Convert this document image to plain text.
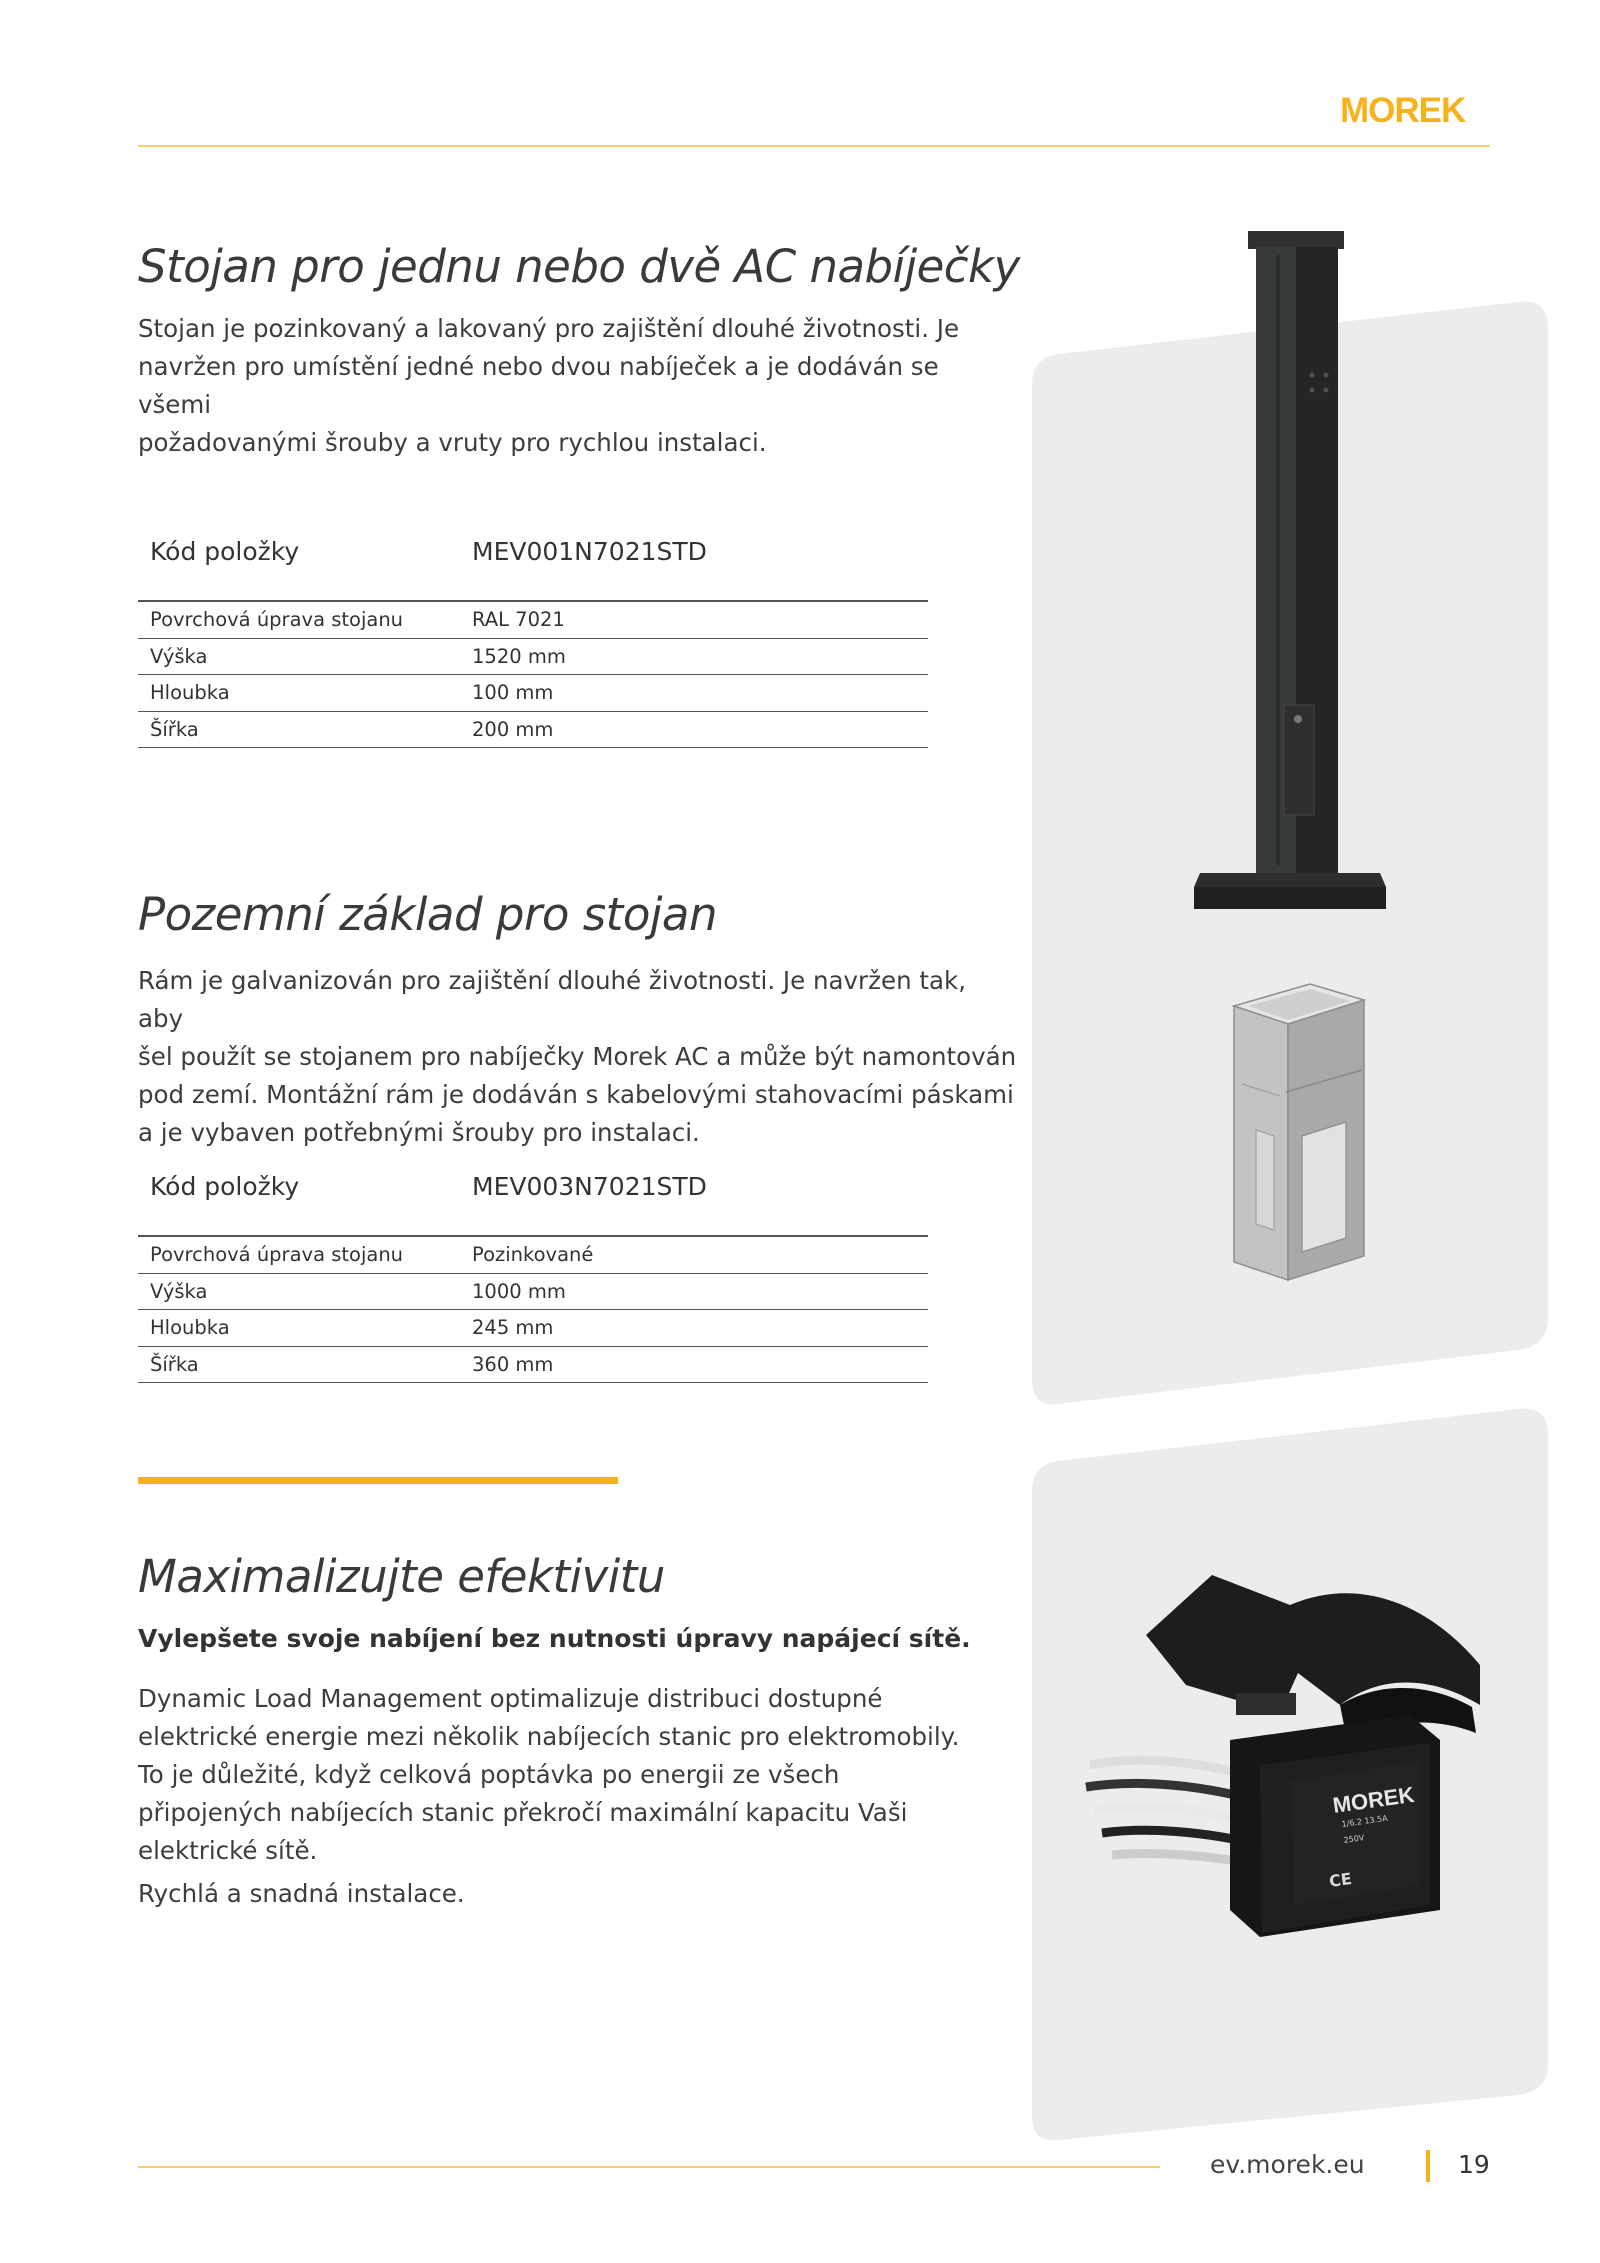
MOREK
MOREK
1/6.2 13.5A
250V
CE
Stojan pro jednu nebo dvě AC nabíječky
Stojan je pozinkovaný a lakovaný pro zajištění dlouhé životnosti. Je
navržen pro umístění jedné nebo dvou nabíječek a je dodáván se všemi
požadovanými šrouby a vruty pro rychlou instalaci.
Kód položky	MEV001N7021STD
Povrchová úprava stojanu	RAL 7021
Výška	1520 mm
Hloubka	100 mm
Šířka	200 mm
Pozemní základ pro stojan
Rám je galvanizován pro zajištění dlouhé životnosti. Je navržen tak, aby
šel použít se stojanem pro nabíječky Morek AC a může být namontován
pod zemí. Montážní rám je dodáván s kabelovými stahovacími páskami
a je vybaven potřebnými šrouby pro instalaci.
Kód položky	MEV003N7021STD
Povrchová úprava stojanu	Pozinkované
Výška	1000 mm
Hloubka	245 mm
Šířka	360 mm
Maximalizujte efektivitu
Vylepšete svoje nabíjení bez nutnosti úpravy napájecí sítě.
Dynamic Load Management optimalizuje distribuci dostupné
elektrické energie mezi několik nabíjecích stanic pro elektromobily.
To je důležité, když celková poptávka po energii ze všech
připojených nabíjecích stanic překročí maximální kapacitu Vaši
elektrické sítě.
Rychlá a snadná instalace.
ev.morek.eu	19
